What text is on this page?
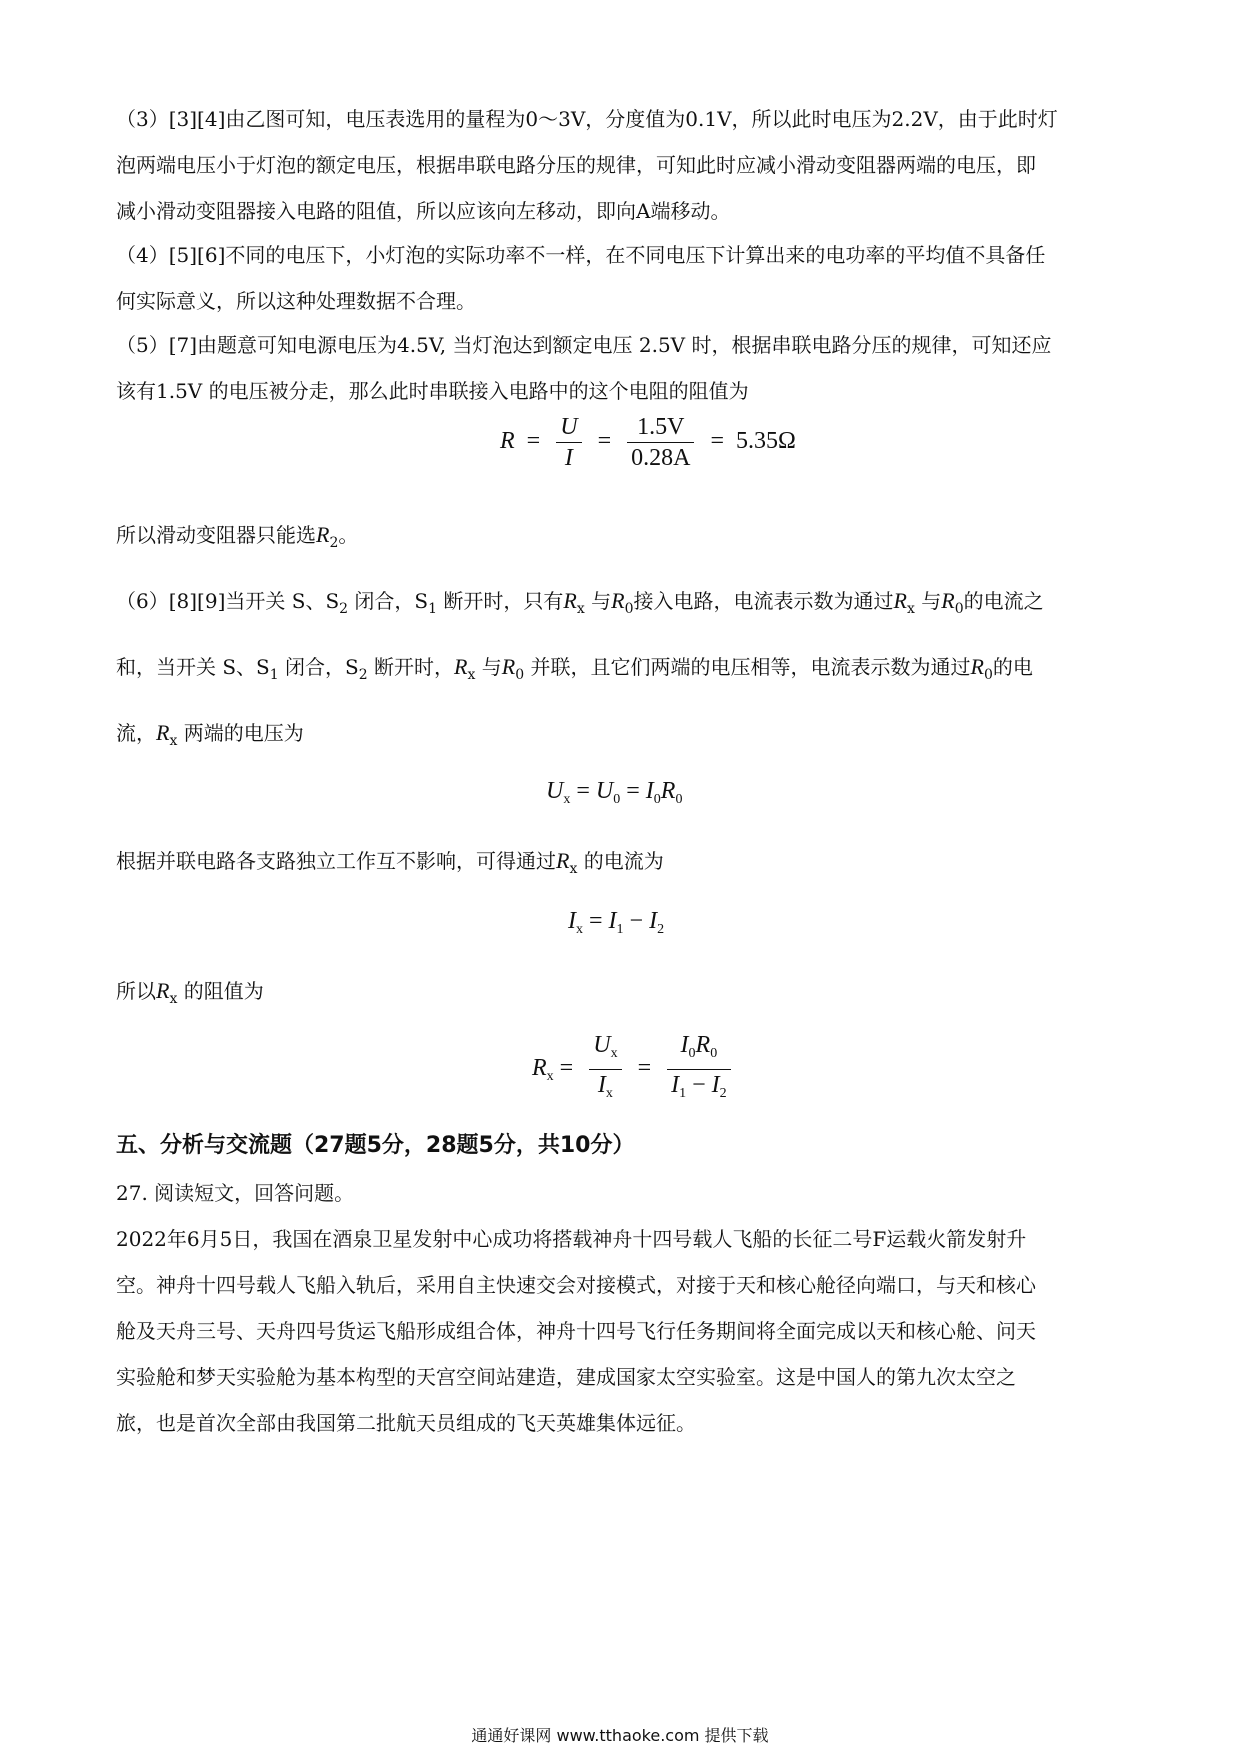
（3）[3][4]由乙图可知，电压表选用的量程为0～3V，分度值为0.1V，所以此时电压为2.2V，由于此时灯
泡两端电压小于灯泡的额定电压，根据串联电路分压的规律，可知此时应减小滑动变阻器两端的电压，即
减小滑动变阻器接入电路的阻值，所以应该向左移动，即向A端移动。
（4）[5][6]不同的电压下，小灯泡的实际功率不一样，在不同电压下计算出来的电功率的平均值不具备任
何实际意义，所以这种处理数据不合理。
（5）[7]由题意可知电源电压为4.5V, 当灯泡达到额定电压 2.5V 时，根据串联电路分压的规律，可知还应
该有1.5V 的电压被分走，那么此时串联接入电路中的这个电阻的阻值为
$R = \frac{U}{I} = \frac{1.5V}{0.28A} = 5.35\Omega$
所以滑动变阻器只能选$R_2$。
（6）[8][9]当开关 S、$S_2$ 闭合，$S_1$ 断开时，只有$R_x$ 与$R_0$接入电路，电流表示数为通过$R_x$ 与$R_0$的电流之
和，当开关 S、$S_1$ 闭合，$S_2$ 断开时，$R_x$ 与$R_0$ 并联，且它们两端的电压相等，电流表示数为通过$R_0$的电
流，$R_x$ 两端的电压为
$U_x = U_0 = I_0R_0$
根据并联电路各支路独立工作互不影响，可得通过$R_x$ 的电流为
$I_x = I_1 - I_2$
所以$R_x$ 的阻值为
$R_x = \frac{U_x}{I_x} = \frac{I_0R_0}{I_1 - I_2}$
五、分析与交流题（27题5分，28题5分，共10分）
27. 阅读短文，回答问题。
2022年6月5日，我国在酒泉卫星发射中心成功将搭载神舟十四号载人飞船的长征二号F运载火箭发射升
空。神舟十四号载人飞船入轨后，采用自主快速交会对接模式，对接于天和核心舱径向端口，与天和核心
舱及天舟三号、天舟四号货运飞船形成组合体，神舟十四号飞行任务期间将全面完成以天和核心舱、问天
实验舱和梦天实验舱为基本构型的天宫空间站建造，建成国家太空实验室。这是中国人的第九次太空之
旅，也是首次全部由我国第二批航天员组成的飞天英雄集体远征。
通通好课网 www.tthaoke.com 提供下载
